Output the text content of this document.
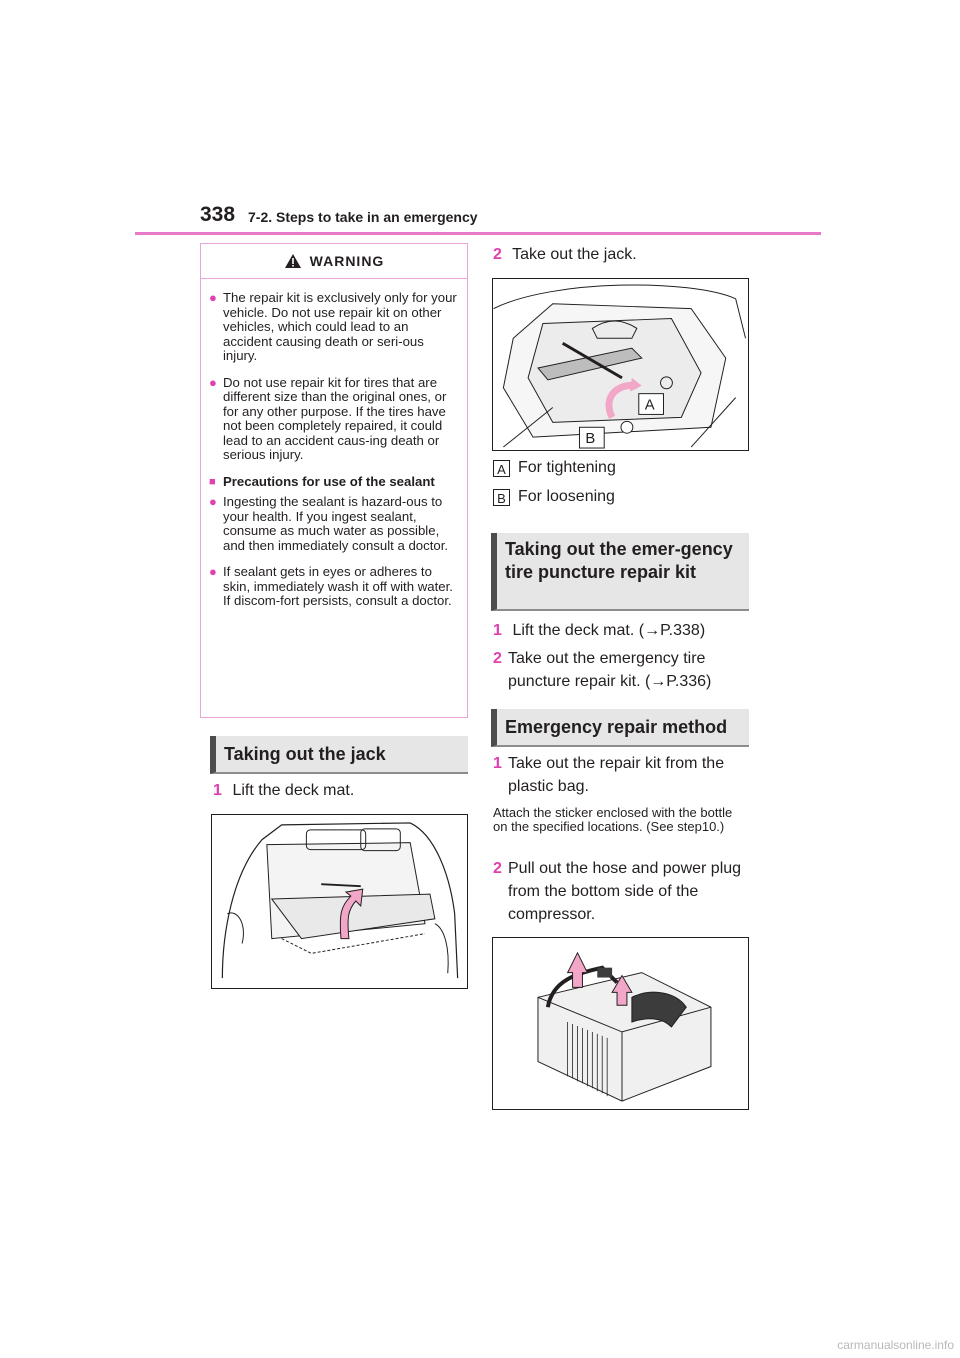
338 7-2. Steps to take in an emergency
WARNING
● The repair kit is exclusively only for your vehicle. Do not use repair kit on other vehicles, which could lead to an accident causing death or seri-ous injury.
● Do not use repair kit for tires that are different size than the original ones, or for any other purpose. If the tires have not been completely repaired, it could lead to an accident caus-ing death or serious injury.
■ Precautions for use of the sealant
● Ingesting the sealant is hazard-ous to your health. If you ingest sealant, consume as much water as possible, and then immediately consult a doctor.
● If sealant gets in eyes or adheres to skin, immediately wash it off with water. If discom-fort persists, consult a doctor.
Taking out the jack
1 Lift the deck mat.
2 Take out the jack.
A
B
A For tightening
B For loosening
Taking out the emer-gency tire puncture repair kit
1 Lift the deck mat. (→P.338)
2 Take out the emergency tire puncture repair kit. (→P.336)
Emergency repair method
1 Take out the repair kit from the plastic bag.
Attach the sticker enclosed with the bottle on the specified locations. (See step10.)
2 Pull out the hose and power plug from the bottom side of the compressor.
carmanualsonline.info
